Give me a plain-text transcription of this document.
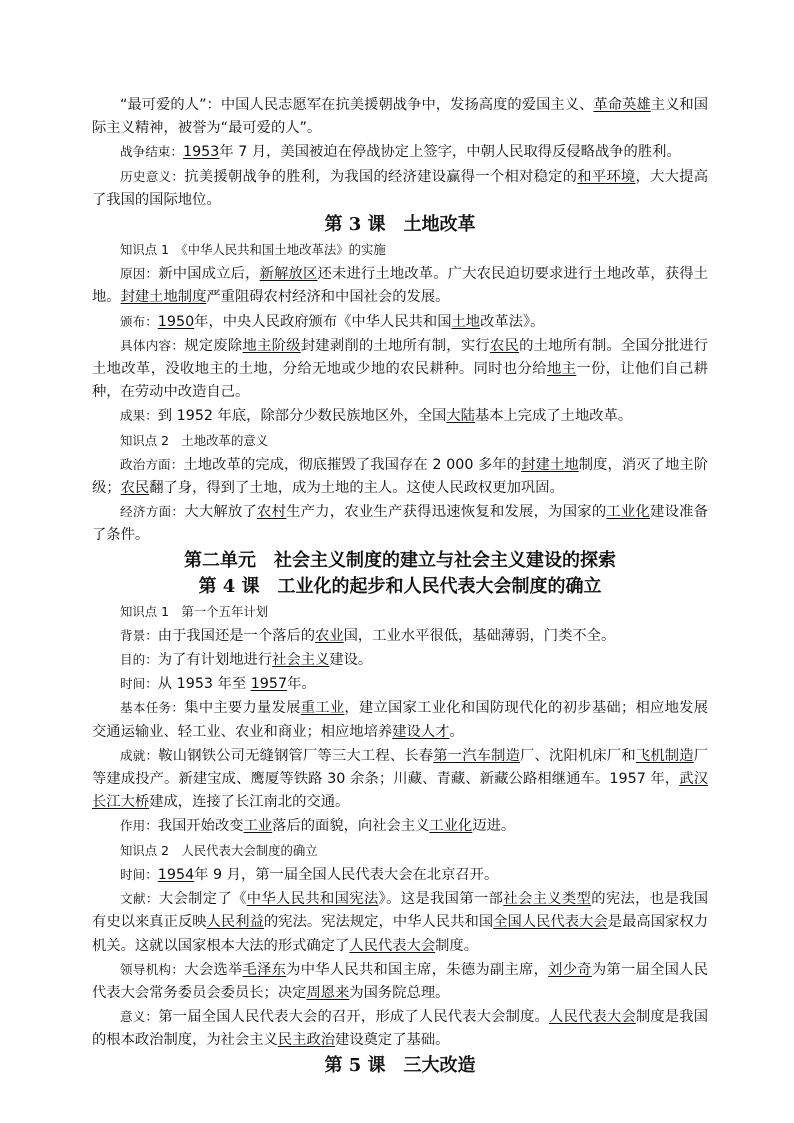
“最可爱的人”：中国人民志愿军在抗美援朝战争中，发扬高度的爱国主义、革命英雄主义和国际主义精神，被誉为“最可爱的人”。

战争结束：1953年 7 月，美国被迫在停战协定上签字，中朝人民取得反侵略战争的胜利。

历史意义：抗美援朝战争的胜利，为我国的经济建设赢得一个相对稳定的和平环境，大大提高了我国的国际地位。

第 3 课　土地改革

知识点 1　《中华人民共和国土地改革法》的实施

原因：新中国成立后，新解放区还未进行土地改革。广大农民迫切要求进行土地改革，获得土地。封建土地制度严重阻碍农村经济和中国社会的发展。

颁布：1950年，中央人民政府颁布《中华人民共和国土地改革法》。

具体内容：规定废除地主阶级封建剥削的土地所有制，实行农民的土地所有制。全国分批进行土地改革，没收地主的土地，分给无地或少地的农民耕种。同时也分给地主一份，让他们自己耕种，在劳动中改造自己。

成果：到 1952 年底，除部分少数民族地区外，全国大陆基本上完成了土地改革。

知识点 2　土地改革的意义

政治方面：土地改革的完成，彻底摧毁了我国存在 2 000 多年的封建土地制度，消灭了地主阶级；农民翻了身，得到了土地，成为土地的主人。这使人民政权更加巩固。

经济方面：大大解放了农村生产力，农业生产获得迅速恢复和发展，为国家的工业化建设准备了条件。

第二单元　社会主义制度的建立与社会主义建设的探索
第 4 课　工业化的起步和人民代表大会制度的确立

知识点 1　第一个五年计划

背景：由于我国还是一个落后的农业国，工业水平很低，基础薄弱，门类不全。

目的：为了有计划地进行社会主义建设。

时间：从 1953 年至 1957年。

基本任务：集中主要力量发展重工业，建立国家工业化和国防现代化的初步基础；相应地发展交通运输业、轻工业、农业和商业；相应地培养建设人才。

成就：鞍山钢铁公司无缝钢管厂等三大工程、长春第一汽车制造厂、沈阳机床厂和飞机制造厂等建成投产。新建宝成、鹰厦等铁路 30 余条；川藏、青藏、新藏公路相继通车。1957 年，武汉长江大桥建成，连接了长江南北的交通。

作用：我国开始改变工业落后的面貌，向社会主义工业化迈进。

知识点 2　人民代表大会制度的确立

时间：1954年 9 月，第一届全国人民代表大会在北京召开。

文献：大会制定了《中华人民共和国宪法》。这是我国第一部社会主义类型的宪法，也是我国有史以来真正反映人民利益的宪法。宪法规定，中华人民共和国全国人民代表大会是最高国家权力机关。这就以国家根本大法的形式确定了人民代表大会制度。

领导机构：大会选举毛泽东为中华人民共和国主席，朱德为副主席，刘少奇为第一届全国人民代表大会常务委员会委员长；决定周恩来为国务院总理。

意义：第一届全国人民代表大会的召开，形成了人民代表大会制度。人民代表大会制度是我国的根本政治制度，为社会主义民主政治建设奠定了基础。

第 5 课　三大改造
